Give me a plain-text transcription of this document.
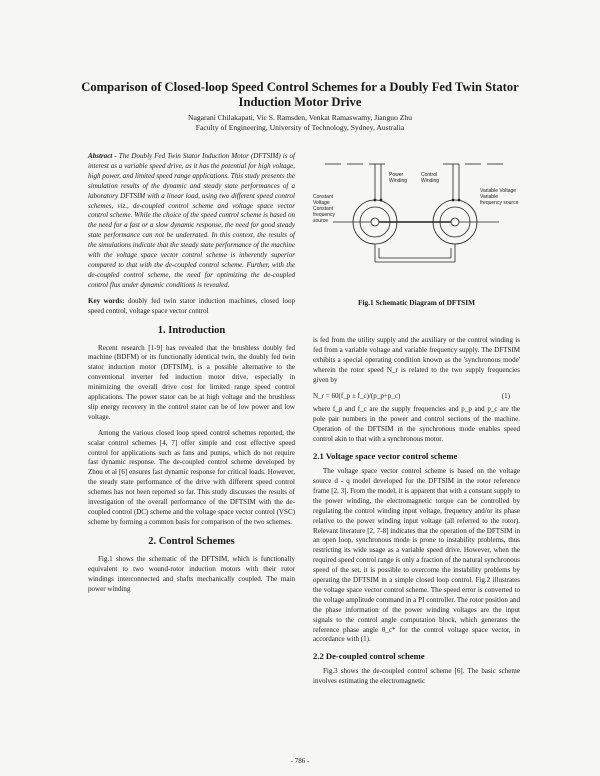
Comparison of Closed-loop Speed Control Schemes for a Doubly Fed Twin Stator Induction Motor Drive
Nagarani Chilakapati, Vic S. Ramsden, Venkat Ramaswamy, Jianguo Zhu
Faculty of Engineering, University of Technology, Sydney, Australia

Abstract - The Doubly Fed Twin Stator Induction Motor (DFTSIM) is of interest as a variable speed drive, as it has the potential for high voltage, high power, and limited speed range applications. This study presents the simulation results of the dynamic and steady state performances of a laboratory DFTSIM with a linear load, using two different speed control schemes, viz., de-coupled control scheme and voltage space vector control scheme. While the choice of the speed control scheme is based on the need for a fast or a slow dynamic response, the need for good steady state performance can not be underrated. In this context, the results of the simulations indicate that the steady state performance of the machine with the voltage space vector control scheme is inherently superior compared to that with the de-coupled control scheme. Further, with the de-coupled control scheme, the need for optimizing the de-coupled control flux under dynamic conditions is revealed.

Key words: doubly fed twin stator induction machines, closed loop speed control, voltage space vector control

1. Introduction

Recent research [1-9] has revealed that the brushless doubly fed machine (BDFM) or its functionally identical twin, the doubly fed twin stator induction motor (DFTSIM), is a possible alternative to the conventional inverter fed induction motor drive, especially in minimizing the overall drive cost for limited range speed control applications. The power stator can be at high voltage and the brushless slip energy recovery in the control stator can be of low power and low voltage.

Among the various closed loop speed control schemes reported, the scalar control schemes [4, 7] offer simple and cost effective speed control for applications such as fans and pumps, which do not require fast dynamic response. The de-coupled control scheme developed by Zhou et al [6] ensures fast dynamic response for critical loads. However, the steady state performance of the drive with different speed control schemes has not been reported so far. This study discusses the results of investigation of the overall performance of the DFTSIM with the de-coupled control (DC) scheme and the voltage space vector control (VSC) scheme by forming a common basis for comparison of the two schemes.

2. Control Schemes

Fig.1 shows the schematic of the DFTSIM, which is functionally equivalent to two wound-rotor induction motors with their rotor windings interconnected and shafts mechanically coupled. The main power winding

Constant Voltage Constant frequency source
Power Winding
Control Winding
Variable Voltage Variable frequency source
Fig.1 Schematic Diagram of DFTSIM

is fed from the utility supply and the auxiliary or the control winding is fed from a variable voltage and variable frequency supply. The DFTSIM exhibits a special operating condition known as the 'synchronous mode' wherein the rotor speed N_r is related to the two supply frequencies given by

N_r = 60(f_p ± f_c)/(p_p+p_c)	(1)

where f_p and f_c are the supply frequencies and p_p and p_c are the pole pair numbers in the power and control sections of the machine. Operation of the DFTSIM in the synchronous mode enables speed control akin to that with a synchronous motor.

2.1 Voltage space vector control scheme

The voltage space vector control scheme is based on the voltage source d - q model developed for the DFTSIM in the rotor reference frame [2, 3]. From the model, it is apparent that with a constant supply to the power winding, the electromagnetic torque can be controlled by regulating the control winding input voltage, frequency and/or its phase relative to the power winding input voltage (all referred to the rotor). Relevant literature [2, 7-8] indicates that the operation of the DFTSIM in an open loop, synchronous mode is prone to instability problems, thus restricting its wide usage as a variable speed drive. However, when the required speed control range is only a fraction of the natural synchronous speed of the set, it is possible to overcome the instability problems by operating the DFTSIM in a simple closed loop control. Fig.2 illustrates the voltage space vector control scheme. The speed error is converted to the voltage amplitude command in a PI controller. The rotor position and the phase information of the power winding voltages are the input signals to the control angle computation block, which generates the reference phase angle θ_c* for the control voltage space vector, in accordance with (1).

2.2 De-coupled control scheme

Fig.3 shows the de-coupled control scheme [6]. The basic scheme involves estimating the electromagnetic

- 786 -
